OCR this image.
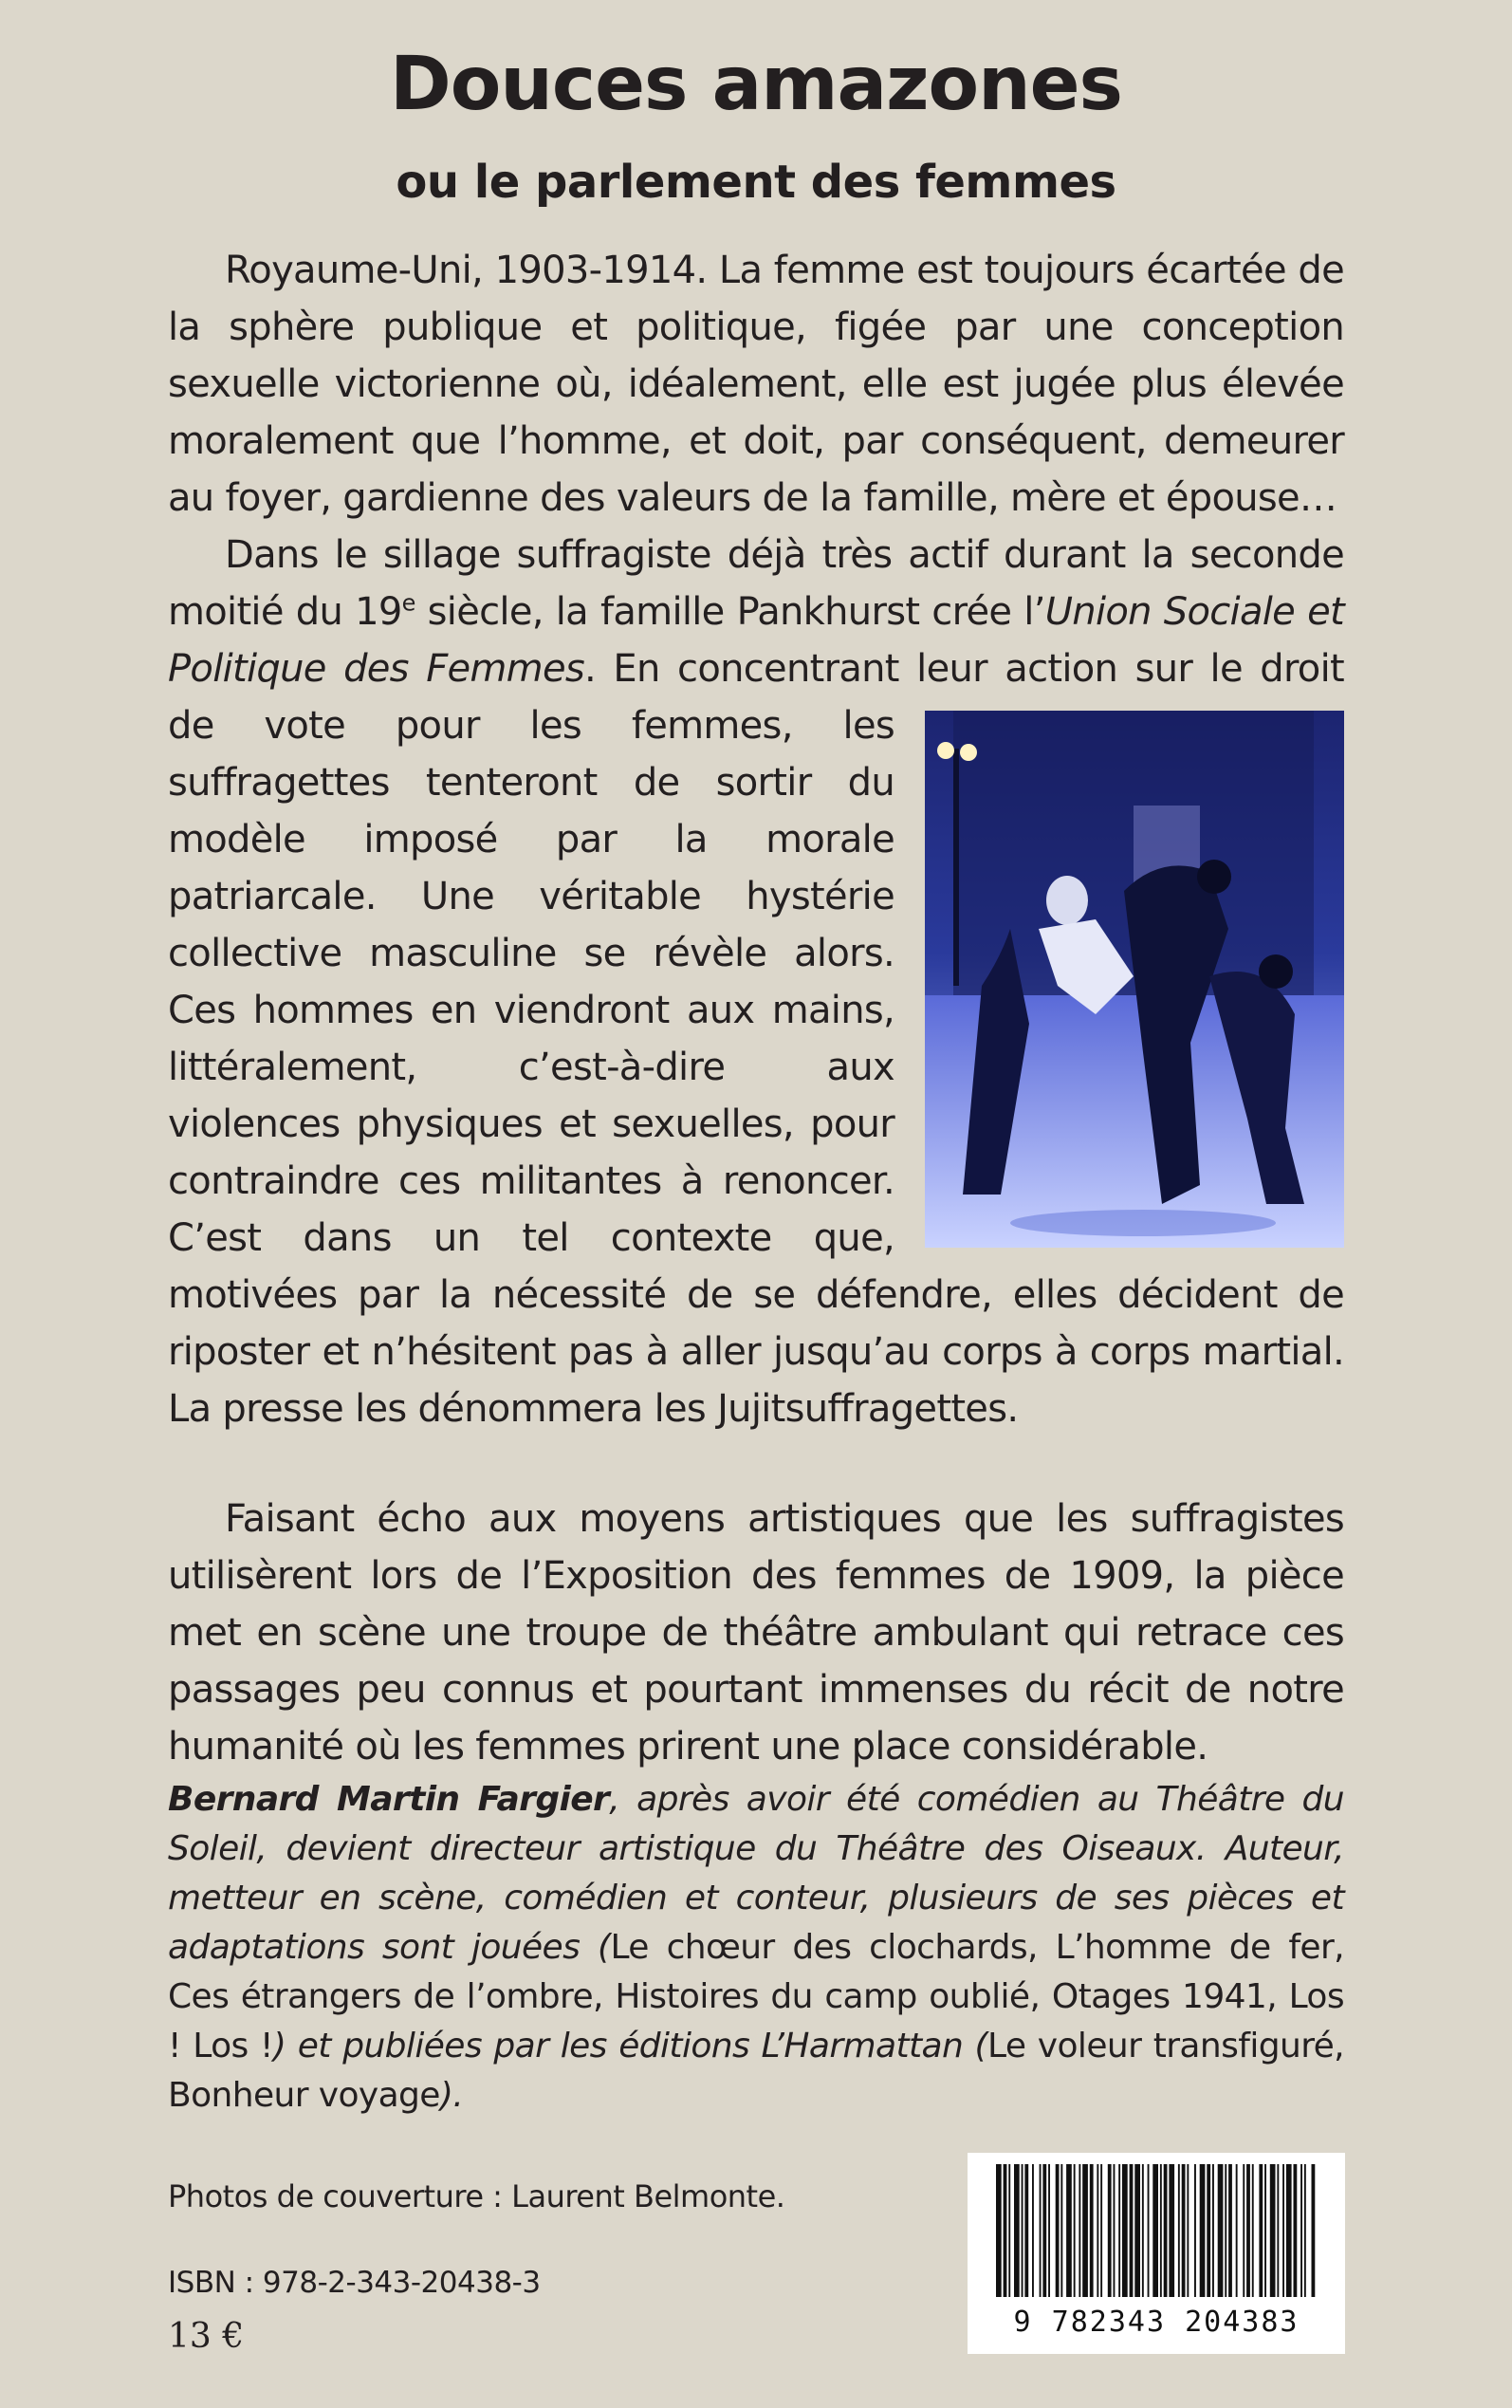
Douces amazones
ou le parlement des femmes

Royaume-Uni, 1903-1914. La femme est toujours écartée de la sphère publique et politique, figée par une conception sexuelle victorienne où, idéalement, elle est jugée plus élevée moralement que l’homme, et doit, par conséquent, demeurer au foyer, gardienne des valeurs de la famille, mère et épouse…

Dans le sillage suffragiste déjà très actif durant la seconde moitié du 19e siècle, la famille Pankhurst crée l’Union Sociale et Politique des Femmes. En concentrant leur action sur le droit de vote pour les femmes,
les suffragettes tenteront de sortir du modèle imposé par la morale patriarcale. Une véritable hystérie collective masculine se révèle alors. Ces hommes en viendront aux mains, littéralement, c’est-à-dire aux violences physiques et sexuelles, pour contraindre ces militantes à renoncer. C’est dans un tel contexte que, motivées par la nécessité de se défendre, elles décident de riposter et n’hésitent pas à aller jusqu’au corps à corps martial. La presse les dénommera les Jujitsuffragettes.

Faisant écho aux moyens artistiques que les suffragistes utilisèrent lors de l’Exposition des femmes de 1909, la pièce met en scène une troupe de théâtre ambulant qui retrace ces passages peu connus et pourtant immenses du récit de notre humanité où les femmes prirent une place considérable.

Bernard Martin Fargier, après avoir été comédien au Théâtre du Soleil, devient directeur artistique du Théâtre des Oiseaux. Auteur, metteur en scène, comédien et conteur, plusieurs de ses pièces et adaptations sont jouées (Le chœur des clochards, L’homme de fer, Ces étrangers de l’ombre, Histoires du camp oublié, Otages 1941, Los ! Los !) et publiées par les éditions L’Harmattan (Le voleur transfiguré, Bonheur voyage).
Photos de couverture : Laurent Belmonte.
ISBN : 978-2-343-20438-3
13 €	9 782343 204383
